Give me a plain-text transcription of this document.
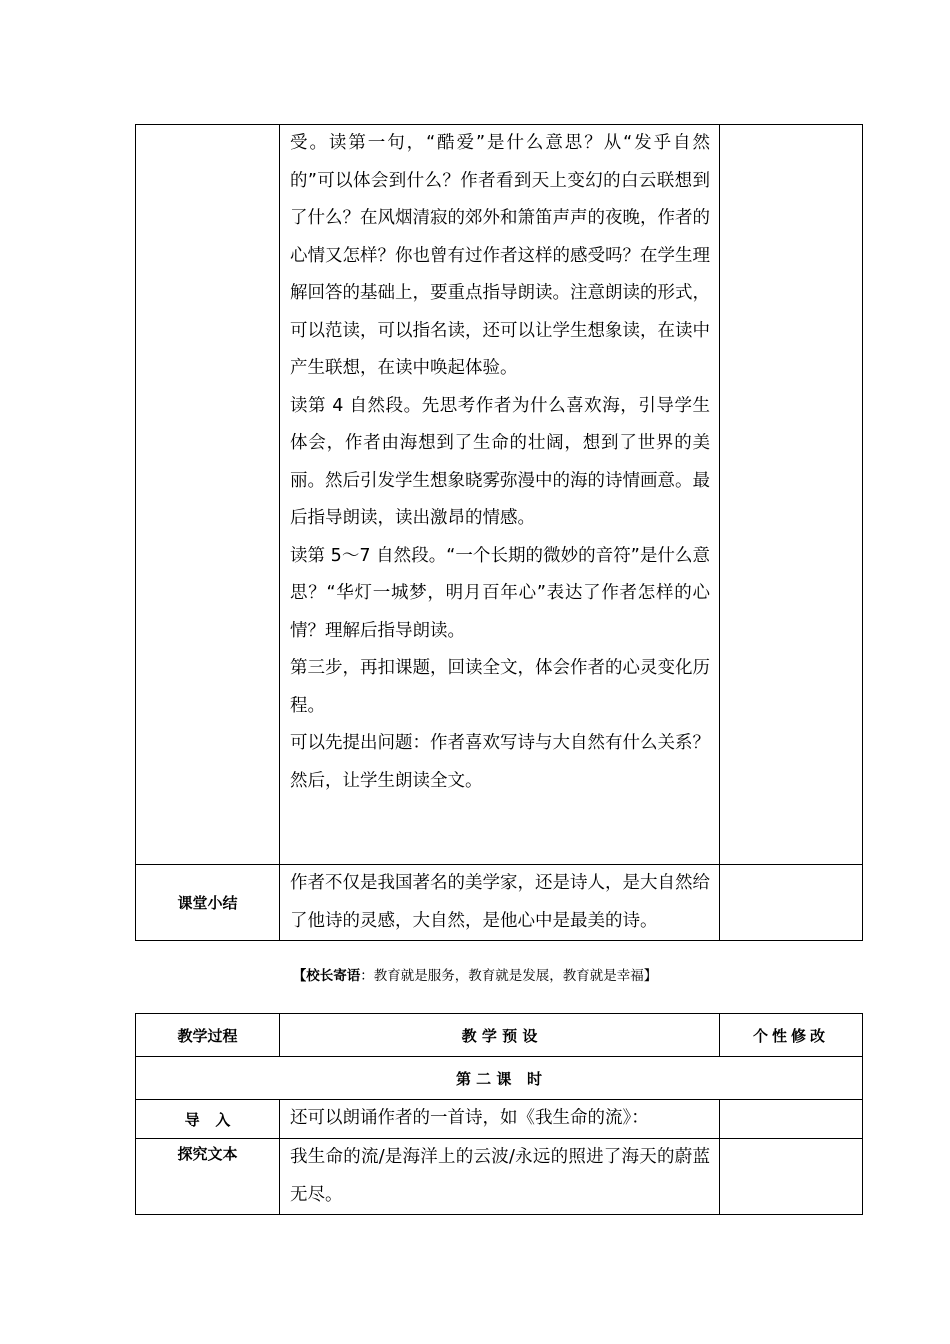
	受。读第一句，“酷爱”是什么意思？从“发乎自然的”可以体会到什么？作者看到天上变幻的白云联想到了什么？在风烟清寂的郊外和箫笛声声的夜晚，作者的心情又怎样？你也曾有过作者这样的感受吗？在学生理解回答的基础上，要重点指导朗读。注意朗读的形式，可以范读，可以指名读，还可以让学生想象读，在读中产生联想，在读中唤起体验。

读第 4 自然段。先思考作者为什么喜欢海，引导学生体会，作者由海想到了生命的壮阔，想到了世界的美丽。然后引发学生想象晓雾弥漫中的海的诗情画意。最后指导朗读，读出激昂的情感。

读第 5～7 自然段。“一个长期的微妙的音符”是什么意思？“华灯一城梦，明月百年心”表达了作者怎样的心情？理解后指导朗读。

第三步，再扣课题，回读全文，体会作者的心灵变化历程。

可以先提出问题：作者喜欢写诗与大自然有什么关系？然后，让学生朗读全文。	

课堂小结	作者不仅是我国著名的美学家，还是诗人，是大自然给了他诗的灵感，大自然，是他心中是最美的诗。	

【校长寄语：教育就是服务，教育就是发展，教育就是幸福】
教学过程	教 学 预 设	个性修改

第 二 课   时		

导   入	还可以朗诵作者的一首诗，如《我生命的流》：	

探究文本	我生命的流/是海洋上的云波/永远的照进了海天的蔚蓝无尽。	
